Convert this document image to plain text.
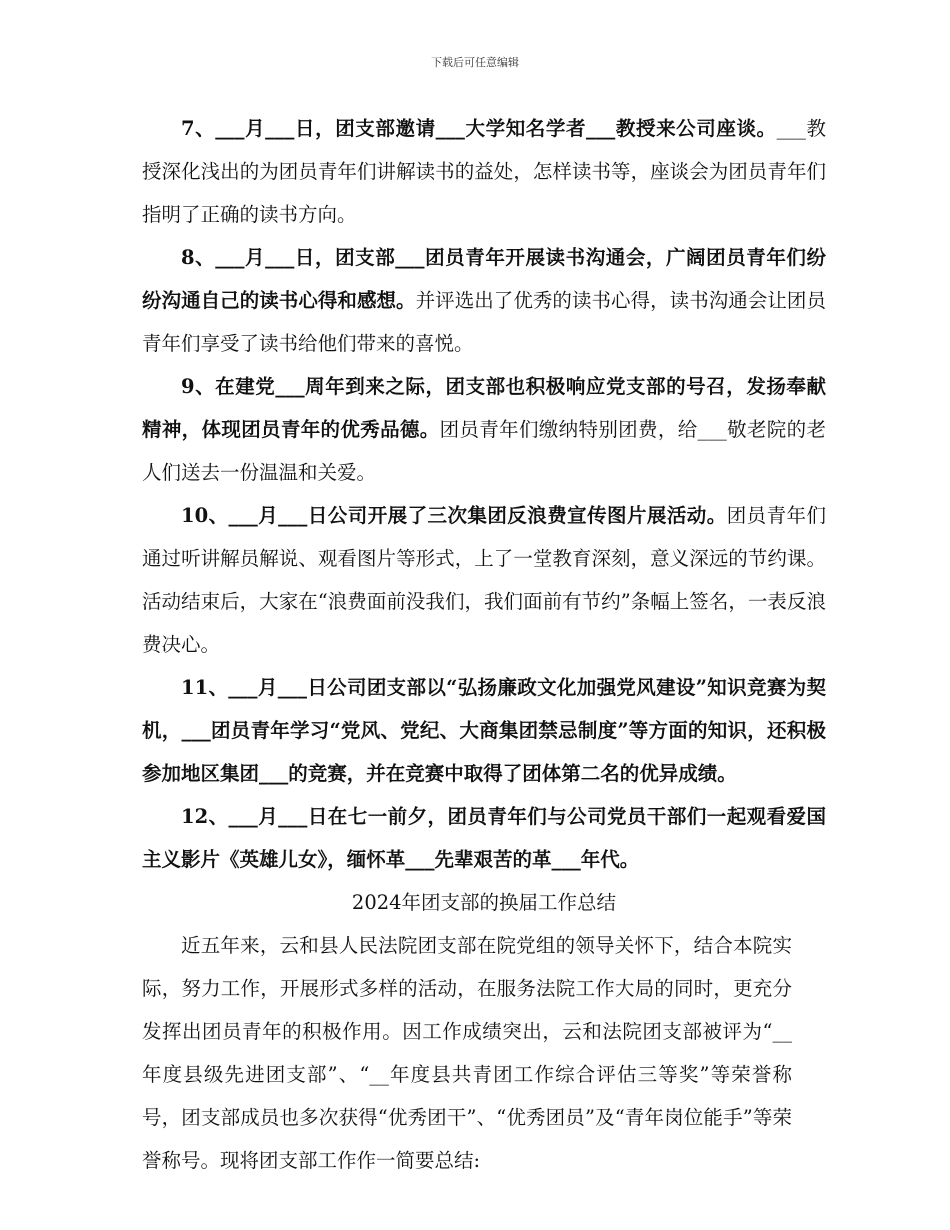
下载后可任意编辑

7、___月___日，团支部邀请___大学知名学者___教授来公司座谈。___教授深化浅出的为团员青年们讲解读书的益处，怎样读书等，座谈会为团员青年们指明了正确的读书方向。

8、___月___日，团支部___团员青年开展读书沟通会，广阔团员青年们纷纷沟通自己的读书心得和感想。并评选出了优秀的读书心得，读书沟通会让团员青年们享受了读书给他们带来的喜悦。

9、在建党___周年到来之际，团支部也积极响应党支部的号召，发扬奉献精神，体现团员青年的优秀品德。团员青年们缴纳特别团费，给___敬老院的老人们送去一份温温和关爱。

10、___月___日公司开展了三次集团反浪费宣传图片展活动。团员青年们通过听讲解员解说、观看图片等形式，上了一堂教育深刻，意义深远的节约课。活动结束后，大家在“浪费面前没我们，我们面前有节约”条幅上签名，一表反浪费决心。

11、___月___日公司团支部以“弘扬廉政文化加强党风建设”知识竞赛为契机，___团员青年学习“党风、党纪、大商集团禁忌制度”等方面的知识，还积极参加地区集团___的竞赛，并在竞赛中取得了团体第二名的优异成绩。

12、___月___日在七一前夕，团员青年们与公司党员干部们一起观看爱国主义影片《英雄儿女》，缅怀革___先辈艰苦的革___年代。

2024年团支部的换届工作总结

近五年来，云和县人民法院团支部在院党组的领导关怀下，结合本院实际，努力工作，开展形式多样的活动，在服务法院工作大局的同时，更充分发挥出团员青年的积极作用。因工作成绩突出，云和法院团支部被评为“__年度县级先进团支部”、“__年度县共青团工作综合评估三等奖”等荣誉称号，团支部成员也多次获得“优秀团干”、“优秀团员”及“青年岗位能手”等荣誉称号。现将团支部工作作一简要总结:
